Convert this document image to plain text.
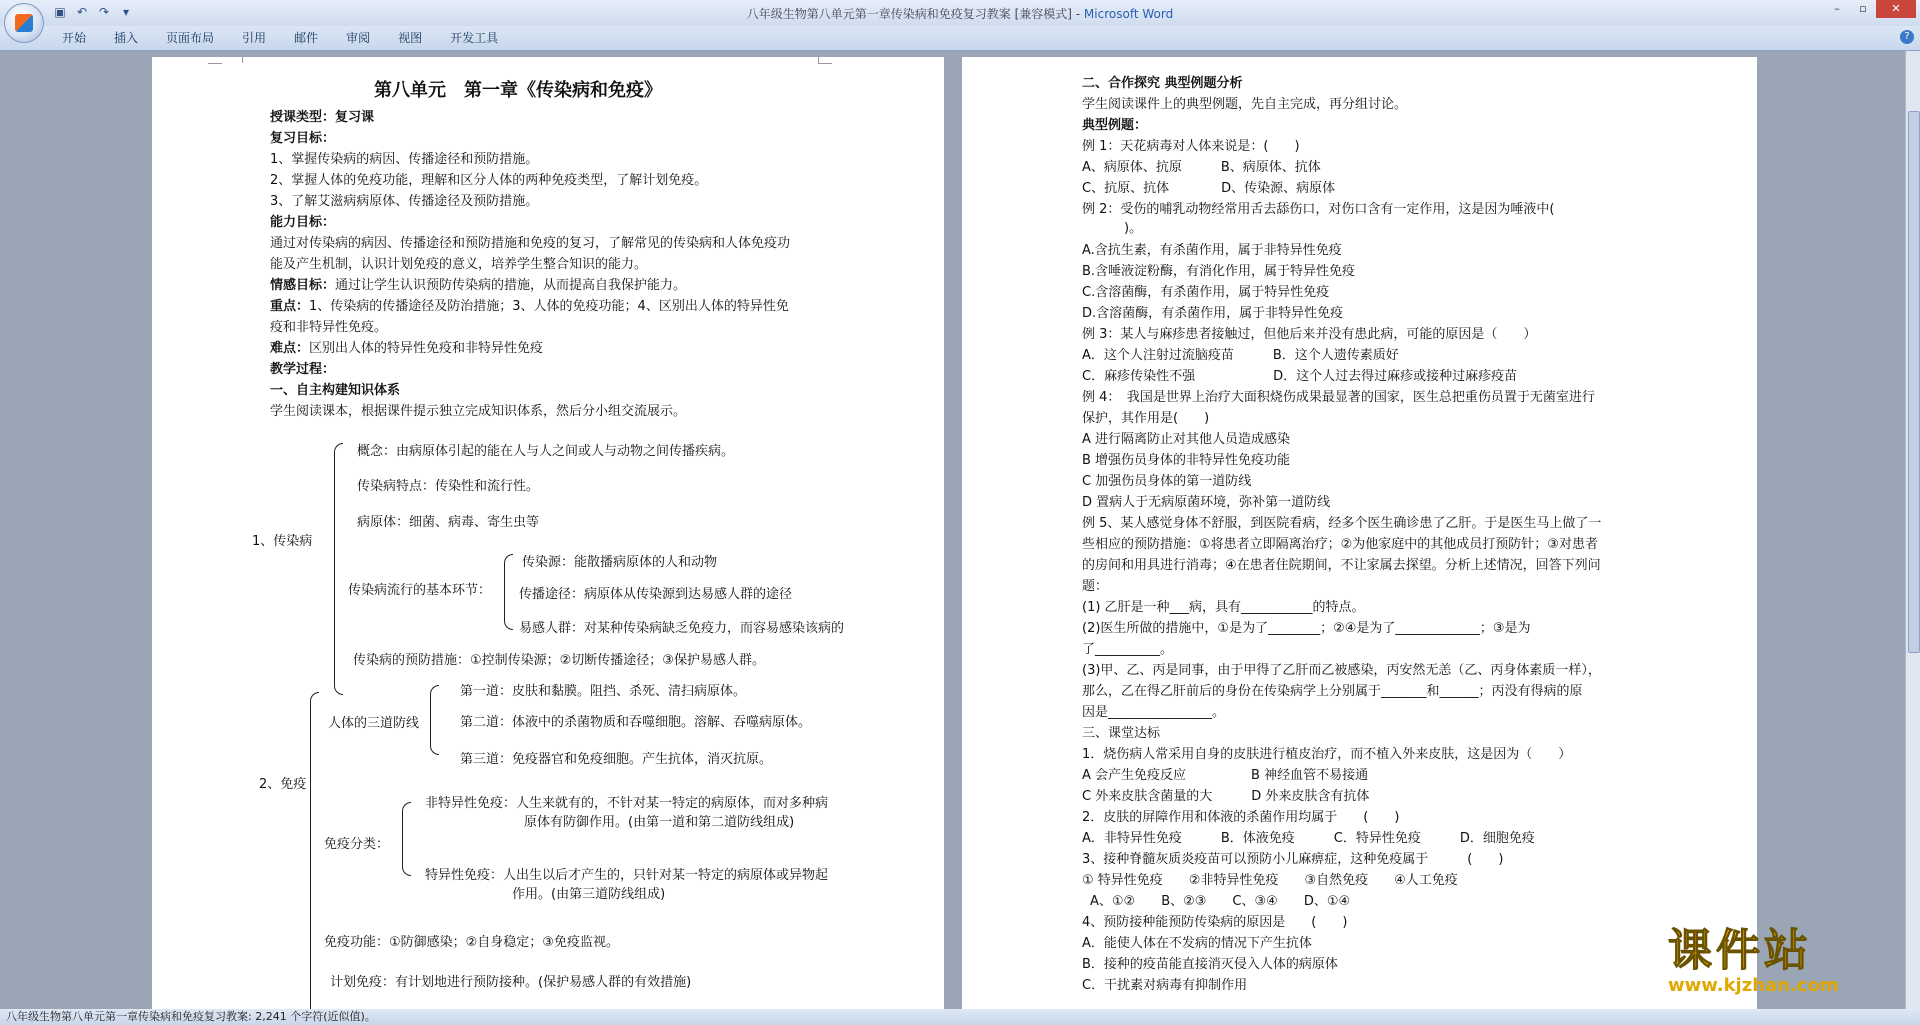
▣ ↶ ↷	▾	八年级生物第八单元第一章传染病和免疫复习教案 [兼容模式] - Microsoft Word	–	▫	✕
开始	插入	页面布局	引用	邮件	审阅	视图	开发工具	?
第八单元　第一章《传染病和免疫》
授课类型：复习课
复习目标：
1、掌握传染病的病因、传播途径和预防措施。
2、掌握人体的免疫功能，理解和区分人体的两种免疫类型，了解计划免疫。
3、了解艾滋病病原体、传播途径及预防措施。
能力目标：
通过对传染病的病因、传播途径和预防措施和免疫的复习，了解常见的传染病和人体免疫功
能及产生机制，认识计划免疫的意义，培养学生整合知识的能力。
情感目标：通过让学生认识预防传染病的措施，从而提高自我保护能力。
重点：1、传染病的传播途径及防治措施；3、人体的免疫功能；4、区别出人体的特异性免
疫和非特异性免疫。
难点：区别出人体的特异性免疫和非特异性免疫
教学过程：
一、自主构建知识体系
学生阅读课本，根据课件提示独立完成知识体系，然后分小组交流展示。
1、传染病
概念：由病原体引起的能在人与人之间或人与动物之间传播疾病。
传染病特点：传染性和流行性。
病原体：细菌、病毒、寄生虫等
传染病流行的基本环节：
传染源：能散播病原体的人和动物
传播途径：病原体从传染源到达易感人群的途径
易感人群：对某种传染病缺乏免疫力，而容易感染该病的
传染病的预防措施：①控制传染源；②切断传播途径；③保护易感人群。
2、免疫
人体的三道防线
第一道：皮肤和黏膜。阻挡、杀死、清扫病原体。
第二道：体液中的杀菌物质和吞噬细胞。溶解、吞噬病原体。
第三道：免疫器官和免疫细胞。产生抗体，消灭抗原。
免疫分类：
非特异性免疫：人生来就有的，不针对某一特定的病原体，而对多种病
原体有防御作用。(由第一道和第二道防线组成)
特异性免疫：人出生以后才产生的，只针对某一特定的病原体或异物起
作用。(由第三道防线组成)
免疫功能：①防御感染；②自身稳定；③免疫监视。
计划免疫：有计划地进行预防接种。(保护易感人群的有效措施)
二、合作探究 典型例题分析
学生阅读课件上的典型例题，先自主完成，再分组讨论。
典型例题：
例 1：天花病毒对人体来说是：(　　)
A、病原体、抗原　　　B、病原体、抗体
C、抗原、抗体　　　　D、传染源、病原体
例 2：受伤的哺乳动物经常用舌去舔伤口，对伤口含有一定作用，这是因为唾液中(
)。
A.含抗生素，有杀菌作用，属于非特异性免疫
B.含唾液淀粉酶，有消化作用，属于特异性免疫
C.含溶菌酶，有杀菌作用，属于特异性免疫
D.含溶菌酶，有杀菌作用，属于非特异性免疫
例 3：某人与麻疹患者接触过，但他后来并没有患此病，可能的原因是（　　）
A．这个人注射过流脑疫苗　　　B．这个人遗传素质好
C．麻疹传染性不强　　　　　　D．这个人过去得过麻疹或接种过麻疹疫苗
例 4：　我国是世界上治疗大面积烧伤成果最显著的国家，医生总把重伤员置于无菌室进行
保护，其作用是(　　)
A 进行隔离防止对其他人员造成感染
B 增强伤员身体的非特异性免疫功能
C 加强伤员身体的第一道防线
D 置病人于无病原菌环境，弥补第一道防线
例 5、某人感觉身体不舒服，到医院看病，经多个医生确诊患了乙肝。于是医生马上做了一
些相应的预防措施：①将患者立即隔离治疗；②为他家庭中的其他成员打预防针；③对患者
的房间和用具进行消毒；④在患者住院期间，不让家属去探望。分析上述情况，回答下列问
题：
(1) 乙肝是一种___病，具有___________的特点。
(2)医生所做的措施中，①是为了________；②④是为了_____________；③是为
了__________。
(3)甲、乙、丙是同事，由于甲得了乙肝而乙被感染，丙安然无恙（乙、丙身体素质一样），
那么，乙在得乙肝前后的身份在传染病学上分别属于_______和______；丙没有得病的原
因是________________。
三、课堂达标
1．烧伤病人常采用自身的皮肤进行植皮治疗，而不植入外来皮肤，这是因为（　　）
A 会产生免疫反应　　　　　B 神经血管不易接通
C 外来皮肤含菌量的大　　　D 外来皮肤含有抗体
2．皮肤的屏障作用和体液的杀菌作用均属于　　(　　)
A．非特异性免疫　　　B．体液免疫　　　C．特异性免疫　　　D．细胞免疫
3、接种脊髓灰质炎疫苗可以预防小儿麻痹症，这种免疫属于　　　(　　)
① 特异性免疫　　②非特异性免疫　　③自然免疫　　④人工免疫
A、①②　　B、②③　　C、③④　　D、①④
4、预防接种能预防传染病的原因是　　(　　)
A．能使人体在不发病的情况下产生抗体
B．接种的疫苗能直接消灭侵入人体的病原体
C．干扰素对病毒有抑制作用
课件站
www.kjzhan.com
八年级生物第八单元第一章传染病和免疫复习教案: 2,241 个字符(近似值)。
